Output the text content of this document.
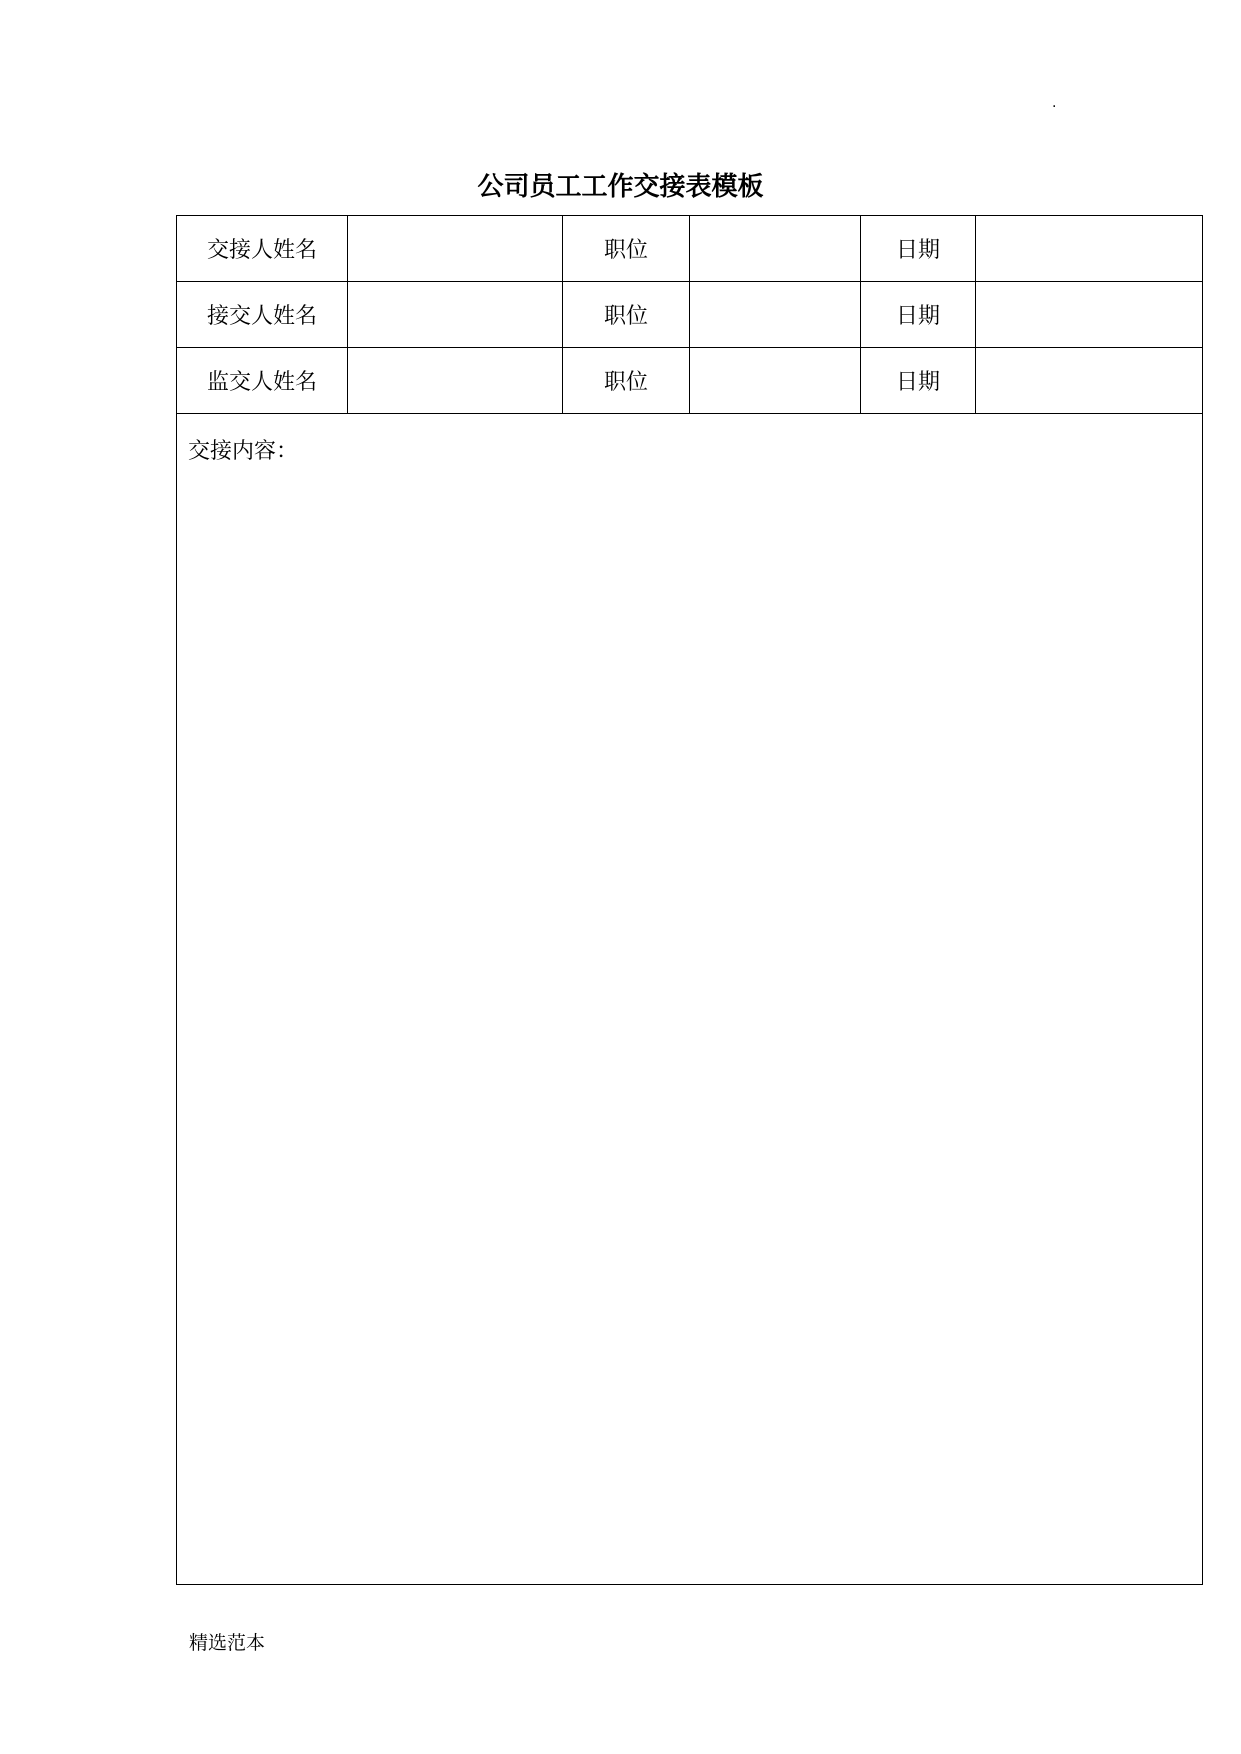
.
公司员工工作交接表模板
交接人姓名		职位		日期	
接交人姓名		职位		日期	
监交人姓名		职位		日期	

交接内容：					
精选范本
